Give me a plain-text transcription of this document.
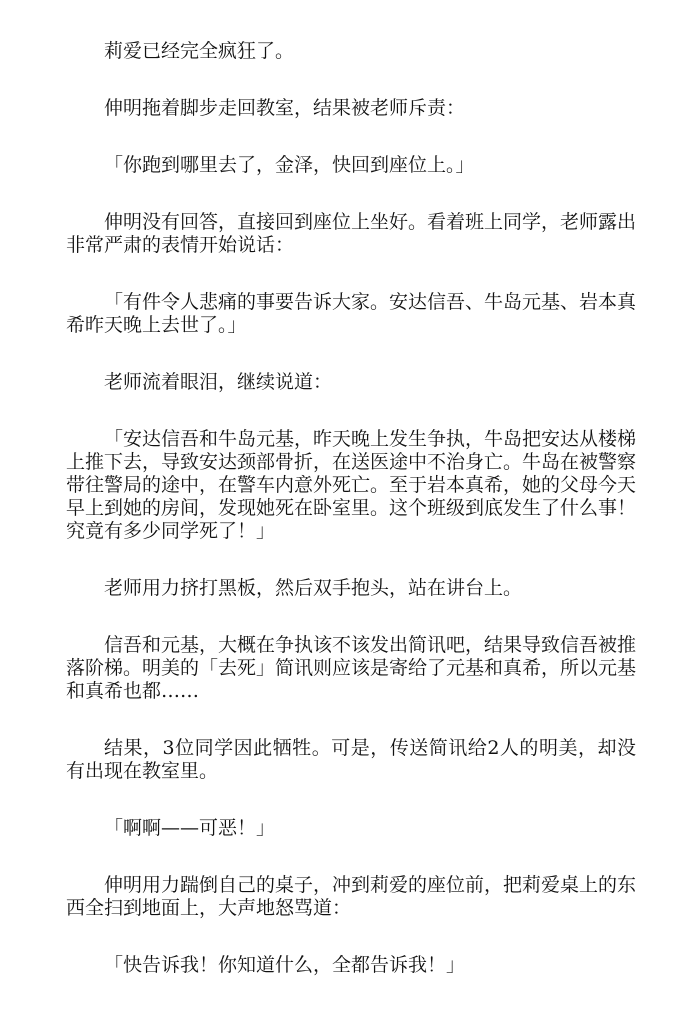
莉爱已经完全疯狂了。

伸明拖着脚步走回教室，结果被老师斥责：

「你跑到哪里去了，金泽，快回到座位上。」

伸明没有回答，直接回到座位上坐好。看着班上同学，老师露出非常严肃的表情开始说话：

「有件令人悲痛的事要告诉大家。安达信吾、牛岛元基、岩本真希昨天晚上去世了。」

老师流着眼泪，继续说道：

「安达信吾和牛岛元基，昨天晚上发生争执，牛岛把安达从楼梯上推下去，导致安达颈部骨折，在送医途中不治身亡。牛岛在被警察带往警局的途中，在警车内意外死亡。至于岩本真希，她的父母今天早上到她的房间，发现她死在卧室里。这个班级到底发生了什么事！究竟有多少同学死了！」

老师用力挤打黑板，然后双手抱头，站在讲台上。

信吾和元基，大概在争执该不该发出简讯吧，结果导致信吾被推落阶梯。明美的「去死」简讯则应该是寄给了元基和真希，所以元基和真希也都……

结果，3位同学因此牺牲。可是，传送简讯给2人的明美，却没有出现在教室里。

「啊啊——可恶！」

伸明用力踹倒自己的桌子，冲到莉爱的座位前，把莉爱桌上的东西全扫到地面上，大声地怒骂道：

「快告诉我！你知道什么，全都告诉我！」
